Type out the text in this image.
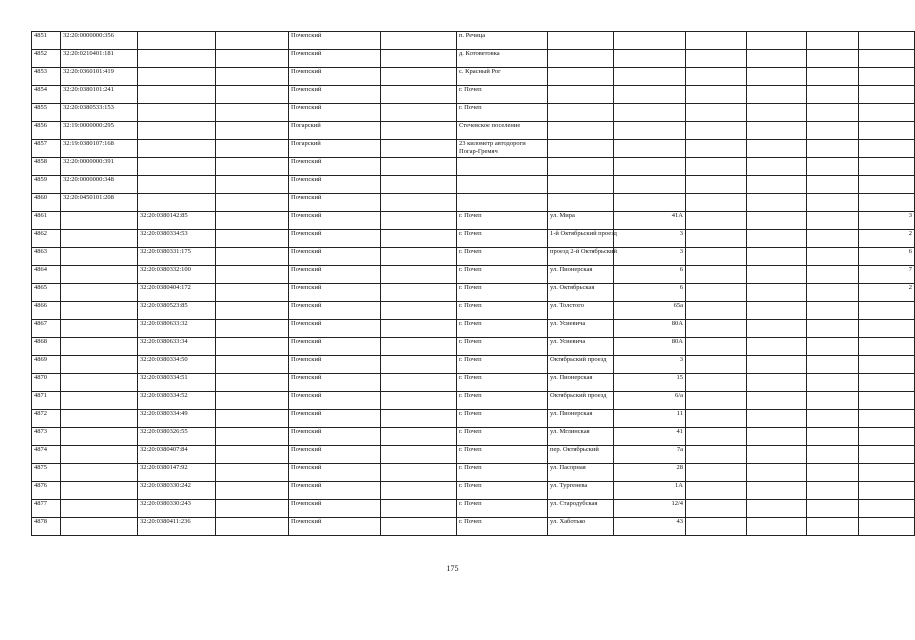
4851	32:20:0000000:356			Почепский		п. Речица						
4852	32:20:0210401:181			Почепский		д. Котоветовка						
4853	32:20:0360101:419			Почепский		с. Красный Рог						
4854	32:20:0380101:241			Почепский		г. Почеп						
4855	32:20:0380533:153			Почепский		г. Почеп						
4856	32:19:0000000:295			Погарский		Стечевское поселение						
4857	32:19:0380107:168			Погарский		23 километр автодороги Погар-Гремяч						
4858	32:20:0000000:391			Почепский								
4859	32:20:0000000:348			Почепский								
4860	32:20:0450101:208			Почепский								
4861		32:20:0380142:85		Почепский		г. Почеп	ул. Мира	41А				3
4862		32:20:0380334:53		Почепский		г. Почеп	1-й Октябрьский проезд	3				2
4863		32:20:0380331:175		Почепский		г. Почеп	проезд 2-й Октябрьский	3				6
4864		32:20:0380332:100		Почепский		г. Почеп	ул. Пионерская	6				7
4865		32:20:0380404:172		Почепский		г. Почеп	ул. Октябрьская	6				2
4866		32:20:0380523:85		Почепский		г. Почеп	ул. Толстого	65а				
4867		32:20:0380633:32		Почепский		г. Почеп	ул. Усиевича	80А				
4868		32:20:0380633:34		Почепский		г. Почеп	ул. Усиевича	80А				
4869		32:20:0380334:50		Почепский		г. Почеп	Октябрьский проезд	3				
4870		32:20:0380334:51		Почепский		г. Почеп	ул. Пионерская	15				
4871		32:20:0380334:52		Почепский		г. Почеп	Октябрьский проезд	6/а				
4872		32:20:0380334:49		Почепский		г. Почеп	ул. Пионерская	11				
4873		32:20:0380326:55		Почепский		г. Почеп	ул. Мглинская	41				
4874		32:20:0380407:84		Почепский		г. Почеп	пер. Октябрьский	7а				
4875		32:20:0380147:92		Почепский		г. Почеп	ул. Пасорная	28				
4876		32:20:0380330:242		Почепский		г. Почеп	ул. Тургенева	1А				
4877		32:20:0380330:243		Почепский		г. Почеп	ул. Стародубская	12/4				
4878		32:20:0380411:236		Почепский		г. Почеп	ул. Хаботько	43				
175
